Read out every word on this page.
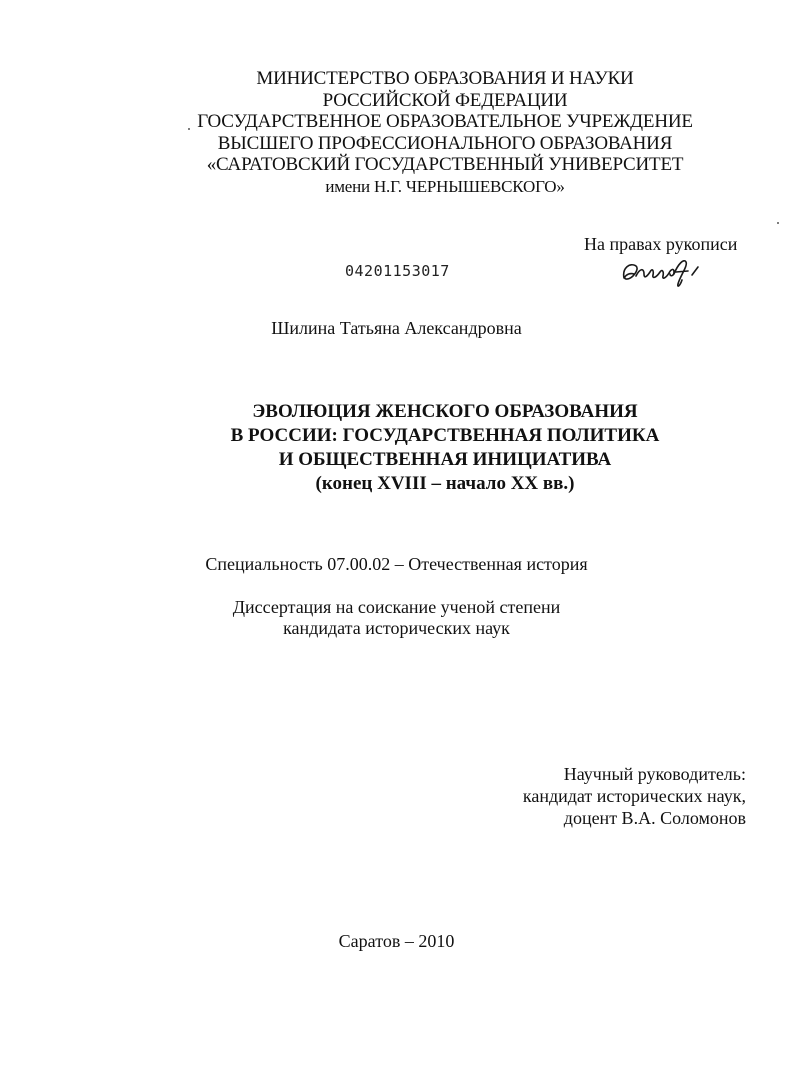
МИНИСТЕРСТВО ОБРАЗОВАНИЯ И НАУКИ
РОССИЙСКОЙ ФЕДЕРАЦИИ
ГОСУДАРСТВЕННОЕ ОБРАЗОВАТЕЛЬНОЕ УЧРЕЖДЕНИЕ
ВЫСШЕГО ПРОФЕССИОНАЛЬНОГО ОБРАЗОВАНИЯ
«САРАТОВСКИЙ ГОСУДАРСТВЕННЫЙ УНИВЕРСИТЕТ
имени Н.Г. ЧЕРНЫШЕВСКОГО»
На правах рукописи
04201153017
Шилина Татьяна Александровна
ЭВОЛЮЦИЯ ЖЕНСКОГО ОБРАЗОВАНИЯ
В РОССИИ: ГОСУДАРСТВЕННАЯ ПОЛИТИКА
И ОБЩЕСТВЕННАЯ ИНИЦИАТИВА
(конец XVIII – начало XX вв.)
Специальность 07.00.02 – Отечественная история
Диссертация на соискание ученой степени
кандидата исторических наук
Научный руководитель:
кандидат исторических наук,
доцент В.А. Соломонов
Саратов – 2010
